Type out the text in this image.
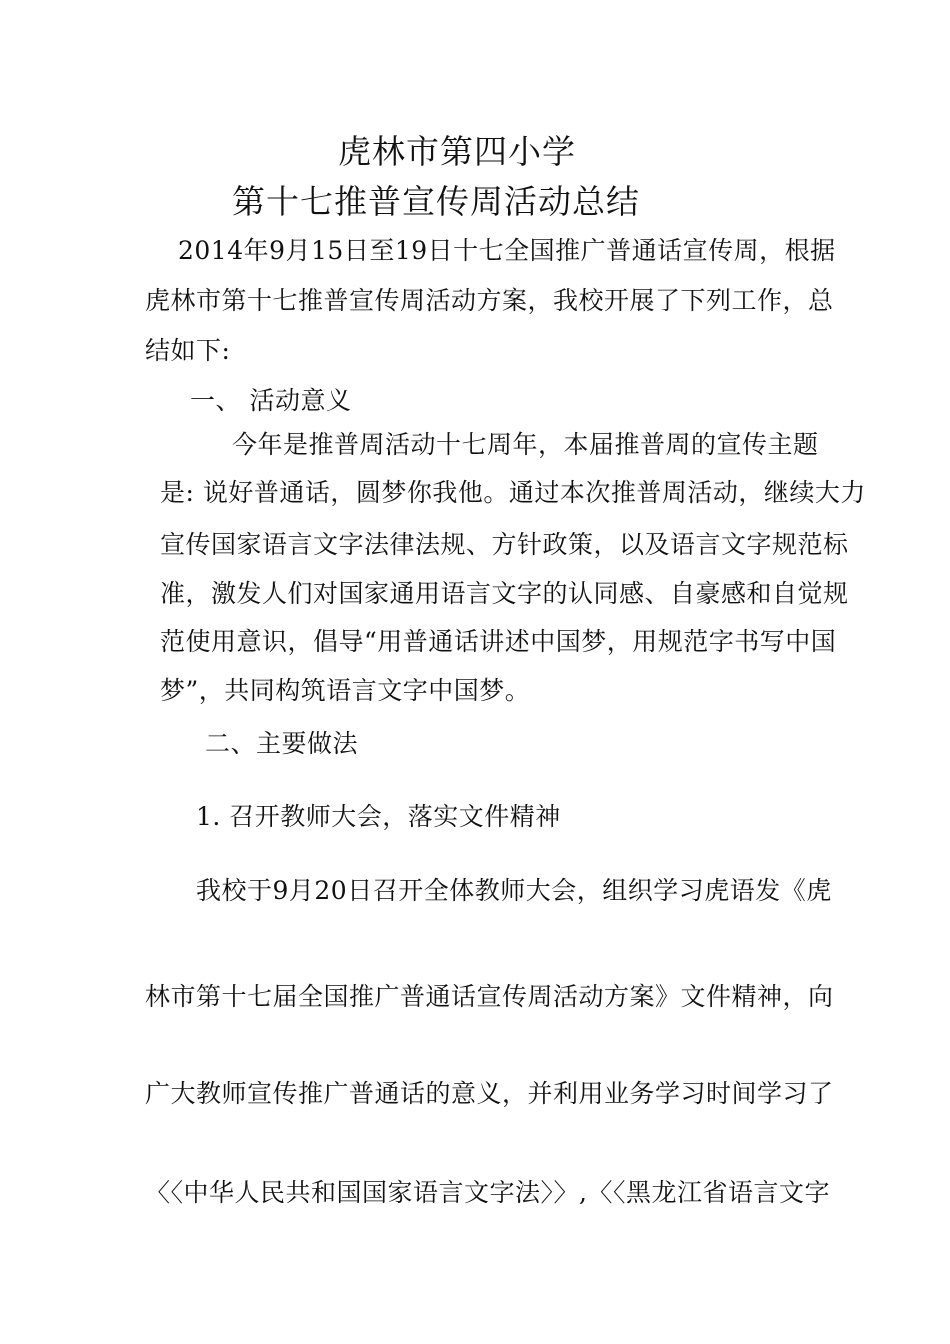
虎林市第四小学
第十七推普宣传周活动总结
2014年9月15日至19日十七全国推广普通话宣传周，根据
虎林市第十七推普宣传周活动方案，我校开展了下列工作，总
结如下:
一、 活动意义
今年是推普周活动十七周年，本届推普周的宣传主题
是: 说好普通话，圆梦你我他。通过本次推普周活动，继续大力
宣传国家语言文字法律法规、方针政策，以及语言文字规范标
准，激发人们对国家通用语言文字的认同感、自豪感和自觉规
范使用意识，倡导“用普通话讲述中国梦，用规范字书写中国
梦”，共同构筑语言文字中国梦。
二、主要做法
1. 召开教师大会，落实文件精神
我校于9月20日召开全体教师大会，组织学习虎语发《虎
林市第十七届全国推广普通话宣传周活动方案》文件精神，向
广大教师宣传推广普通话的意义，并利用业务学习时间学习了
〈〈中华人民共和国国家语言文字法〉〉,〈〈黑龙江省语言文字
